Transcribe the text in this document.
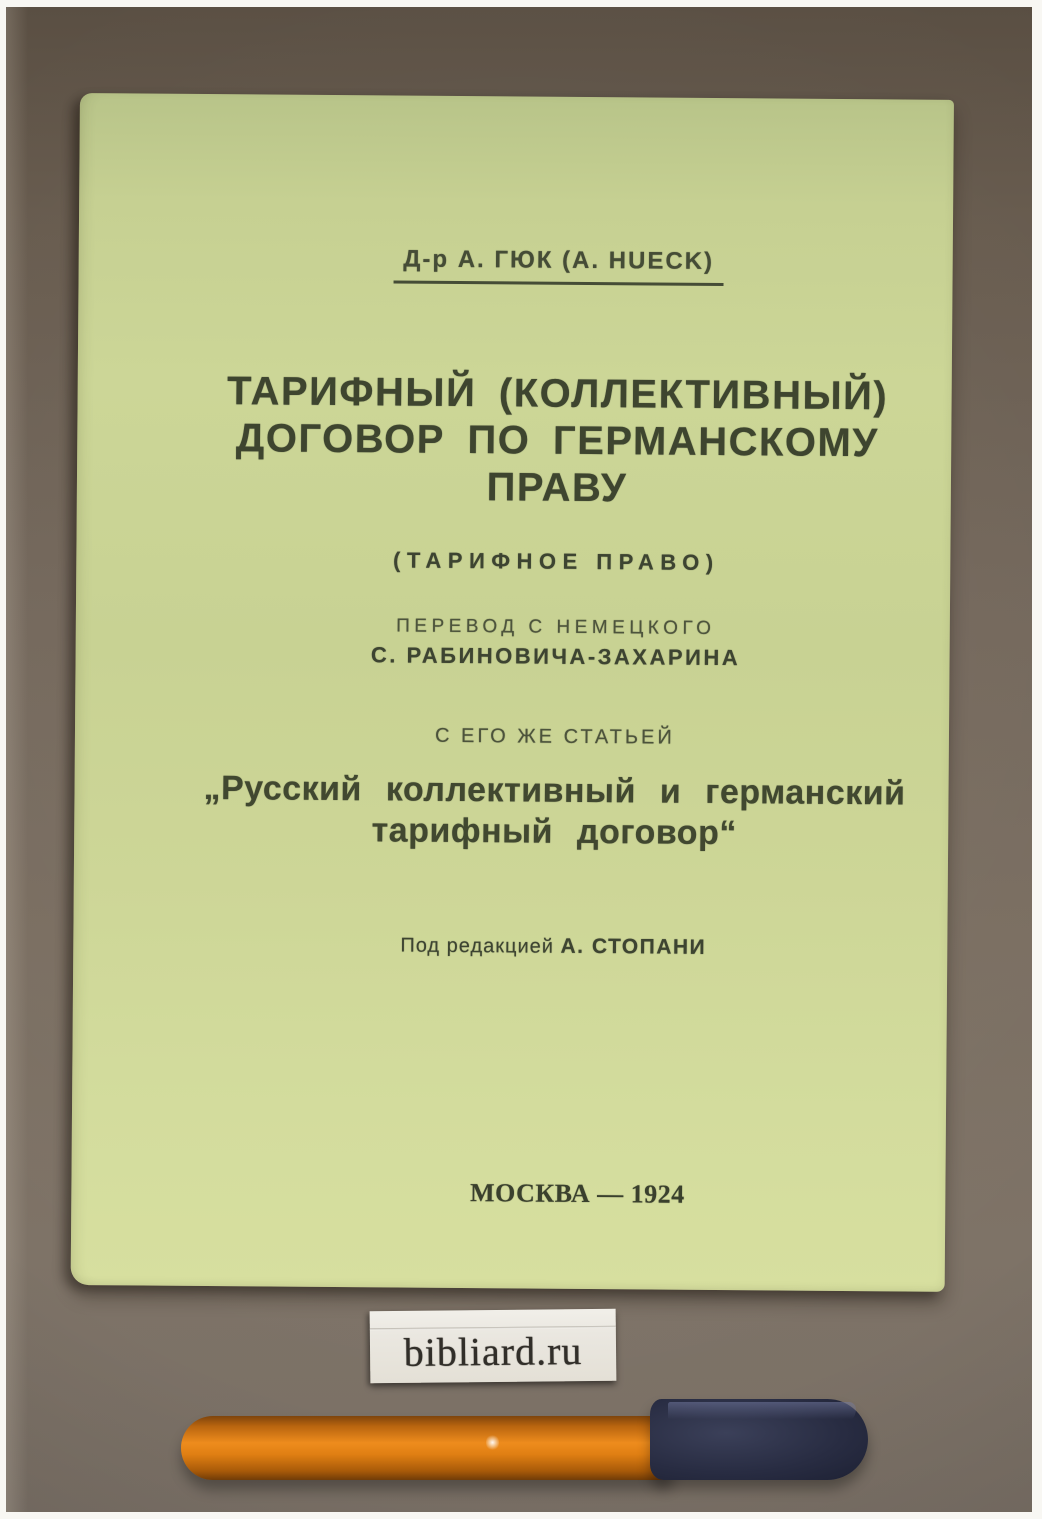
Д-р А. ГЮК (А. HUECK)
ТАРИФНЫЙ (КОЛЛЕКТИВНЫЙ)
ДОГОВОР ПО ГЕРМАНСКОМУ
ПРАВУ
(ТАРИФНОЕ ПРАВО)
ПЕРЕВОД С НЕМЕЦКОГО
С. РАБИНОВИЧА-ЗАХАРИНА
С ЕГО ЖЕ СТАТЬЕЙ
„Русский коллективный и германский
тарифный договор“
Под редакцией А. СТОПАНИ
МОСКВА — 1924
bibliard.ru
